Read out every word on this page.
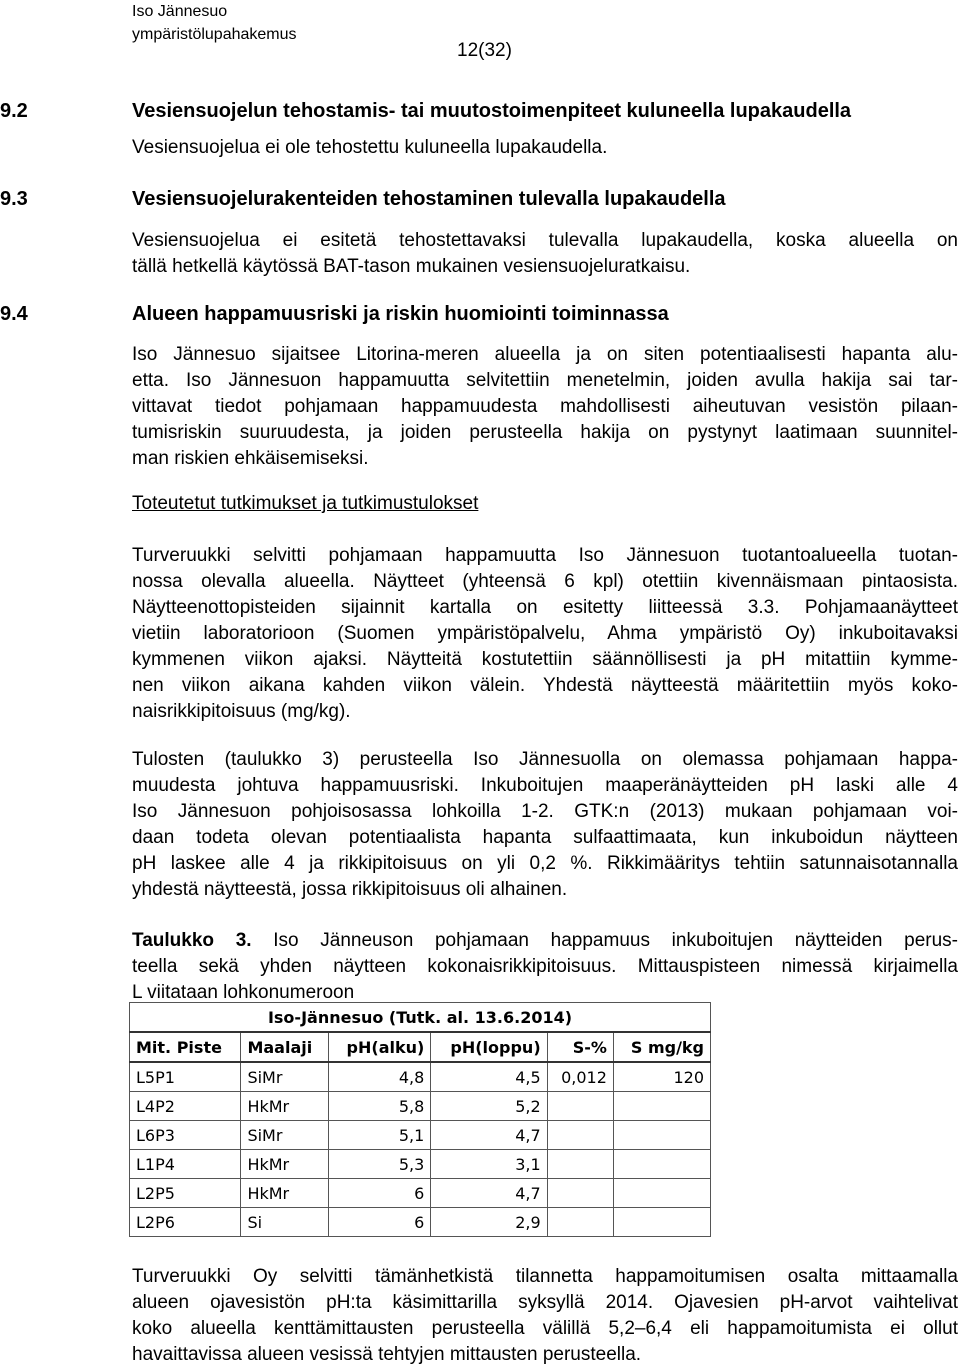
Iso Jännesuo
ympäristölupahakemus
12(32)
9.2	Vesiensuojelun tehostamis- tai muutostoimenpiteet kuluneella lupakaudella
Vesiensuojelua ei ole tehostettu kuluneella lupakaudella.
9.3	Vesiensuojelurakenteiden tehostaminen tulevalla lupakaudella
Vesiensuojelua ei esitetä tehostettavaksi tulevalla lupakaudella, koska alueella on
tällä hetkellä käytössä BAT-tason mukainen vesiensuojeluratkaisu.
9.4	Alueen happamuusriski ja riskin huomiointi toiminnassa
Iso Jännesuo sijaitsee Litorina-meren alueella ja on siten potentiaalisesti hapanta alu-
etta. Iso Jännesuon happamuutta selvitettiin menetelmin, joiden avulla hakija sai tar-
vittavat tiedot pohjamaan happamuudesta mahdollisesti aiheutuvan vesistön pilaan-
tumisriskin suuruudesta, ja joiden perusteella hakija on pystynyt laatimaan suunnitel-
man riskien ehkäisemiseksi.
Toteutetut tutkimukset ja tutkimustulokset
Turveruukki selvitti pohjamaan happamuutta Iso Jännesuon tuotantoalueella tuotan-
nossa olevalla alueella. Näytteet (yhteensä 6 kpl) otettiin kivennäismaan pintaosista.
Näytteenottopisteiden sijainnit kartalla on esitetty liitteessä 3.3. Pohjamaanäytteet
vietiin laboratorioon (Suomen ympäristöpalvelu, Ahma ympäristö Oy) inkuboitavaksi
kymmenen viikon ajaksi. Näytteitä kostutettiin säännöllisesti ja pH mitattiin kymme-
nen viikon aikana kahden viikon välein. Yhdestä näytteestä määritettiin myös koko-
naisrikkipitoisuus (mg/kg).
Tulosten (taulukko 3) perusteella Iso Jännesuolla on olemassa pohjamaan happa-
muudesta johtuva happamuusriski. Inkuboitujen maaperänäytteiden pH laski alle 4
Iso Jännesuon pohjoisosassa lohkoilla 1-2. GTK:n (2013) mukaan pohjamaan voi-
daan todeta olevan potentiaalista hapanta sulfaattimaata, kun inkuboidun näytteen
pH laskee alle 4 ja rikkipitoisuus on yli 0,2 %. Rikkimääritys tehtiin satunnaisotannalla
yhdestä näytteestä, jossa rikkipitoisuus oli alhainen.
Taulukko 3. Iso Jänneuson pohjamaan happamuus inkuboitujen näytteiden perus-
teella sekä yhden näytteen kokonaisrikkipitoisuus. Mittauspisteen nimessä kirjaimella
L viitataan lohkonumeroon
Iso-Jännesuo (Tutk. al. 13.6.2014)					
Mit. Piste	Maalaji	pH(alku)	pH(loppu)	S-%	S mg/kg
L5P1	SiMr	4,8	4,5	0,012	120
L4P2	HkMr	5,8	5,2		
L6P3	SiMr	5,1	4,7		
L1P4	HkMr	5,3	3,1		
L2P5	HkMr	6	4,7		
L2P6	Si	6	2,9		
Turveruukki Oy selvitti tämänhetkistä tilannetta happamoitumisen osalta mittaamalla
alueen ojavesistön pH:ta käsimittarilla syksyllä 2014. Ojavesien pH-arvot vaihtelivat
koko alueella kenttämittausten perusteella välillä 5,2–6,4 eli happamoitumista ei ollut
havaittavissa alueen vesissä tehtyjen mittausten perusteella.
